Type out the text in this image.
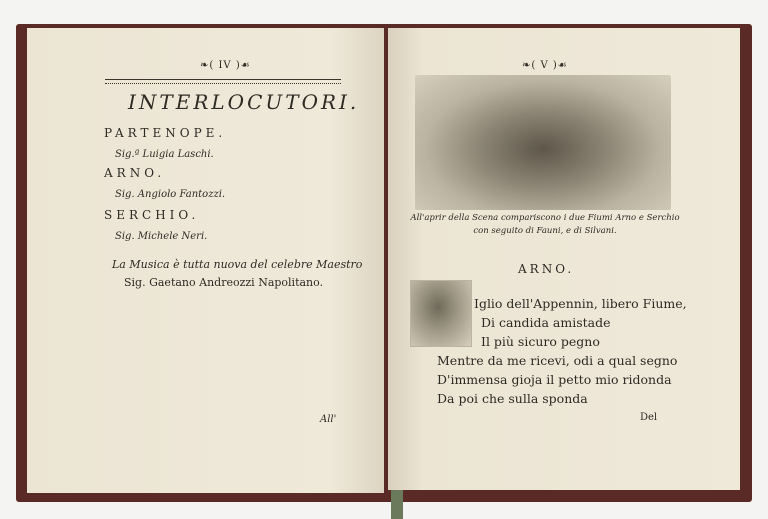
❧( IV )☙
INTERLOCUTORI.
PARTENOPE.
Sig.ª Luigia Laschi.
ARNO.
Sig. Angiolo Fantozzi.
SERCHIO.
Sig. Michele Neri.
La Musica è tutta nuova del celebre Maestro
Sig. Gaetano Andreozzi Napolitano.
All'
❧( V )☙
All'aprir della Scena compariscono i due Fiumi Arno e Serchio
con seguito di Fauni, e di Silvani.
ARNO.
Iglio dell'Appennin, libero Fiume,
Di candida amistade
Il più sicuro pegno
Mentre da me ricevi, odi a qual segno
D'immensa gioja il petto mio ridonda
Da poi che sulla sponda
Del
